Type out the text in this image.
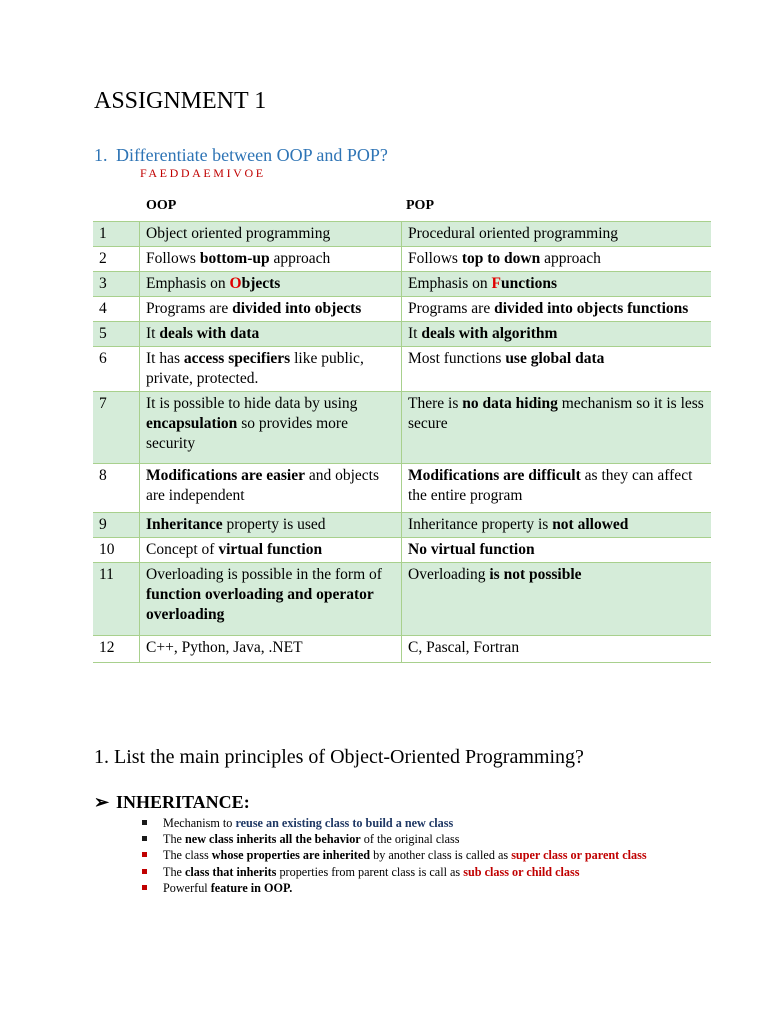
ASSIGNMENT 1
1. Differentiate between OOP and POP?
FAEDDAEMIVOE
OOP	POP
1	Object oriented programming	Procedural oriented programming
2	Follows bottom-up approach	Follows top to down approach
3	Emphasis on Objects	Emphasis on Functions
4	Programs are divided into objects	Programs are divided into objects functions
5	It deals with data	It deals with algorithm
6	It has access specifiers like public, private, protected.	Most functions use global data
7	It is possible to hide data by using encapsulation so provides more security	There is no data hiding mechanism so it is less secure
8	Modifications are easier and objects are independent	Modifications are difficult as they can affect the entire program
9	Inheritance property is used	Inheritance property is not allowed
10	Concept of virtual function	No virtual function
11	Overloading is possible in the form of function overloading and operator overloading	Overloading is not possible
12	C++, Python, Java, .NET	C, Pascal, Fortran
1. List the main principles of Object-Oriented Programming?
➢ INHERITANCE:
Mechanism to reuse an existing class to build a new class
The new class inherits all the behavior of the original class
The class whose properties are inherited by another class is called as super class or parent class
The class that inherits properties from parent class is call as sub class or child class
Powerful feature in OOP.
